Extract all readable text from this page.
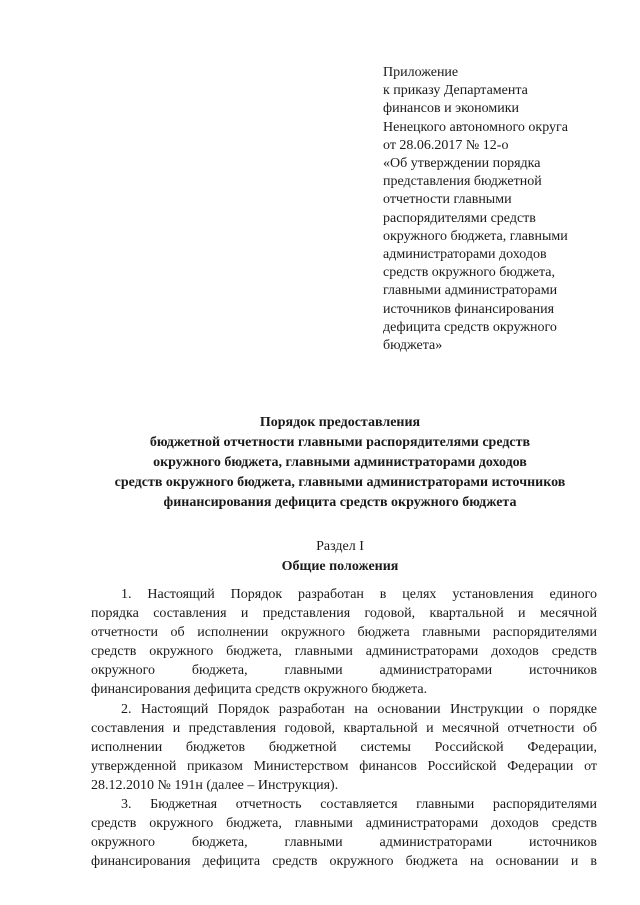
Приложение
к приказу Департамента
финансов и экономики
Ненецкого автономного округа
от 28.06.2017 № 12-о
«Об утверждении порядка
представления бюджетной
отчетности главными
распорядителями средств
окружного бюджета, главными
администраторами доходов
средств окружного бюджета,
главными администраторами
источников финансирования
дефицита средств окружного
бюджета»
Порядок предоставления
бюджетной отчетности главными распорядителями средств
окружного бюджета, главными администраторами доходов
средств окружного бюджета, главными администраторами источников
финансирования дефицита средств окружного бюджета
Раздел I
Общие положения

1. Настоящий Порядок разработан в целях установления единого
порядка составления и представления годовой, квартальной и месячной
отчетности об исполнении окружного бюджета главными распорядителями
средств окружного бюджета, главными администраторами доходов средств
окружного бюджета, главными администраторами источников
финансирования дефицита средств окружного бюджета.

2. Настоящий Порядок разработан на основании Инструкции о порядке
составления и представления годовой, квартальной и месячной отчетности об
исполнении бюджетов бюджетной системы Российской Федерации,
утвержденной приказом Министерством финансов Российской Федерации от
28.12.2010 № 191н (далее – Инструкция).

3. Бюджетная отчетность составляется главными распорядителями
средств окружного бюджета, главными администраторами доходов средств
окружного бюджета, главными администраторами источников
финансирования дефицита средств окружного бюджета на основании и в
